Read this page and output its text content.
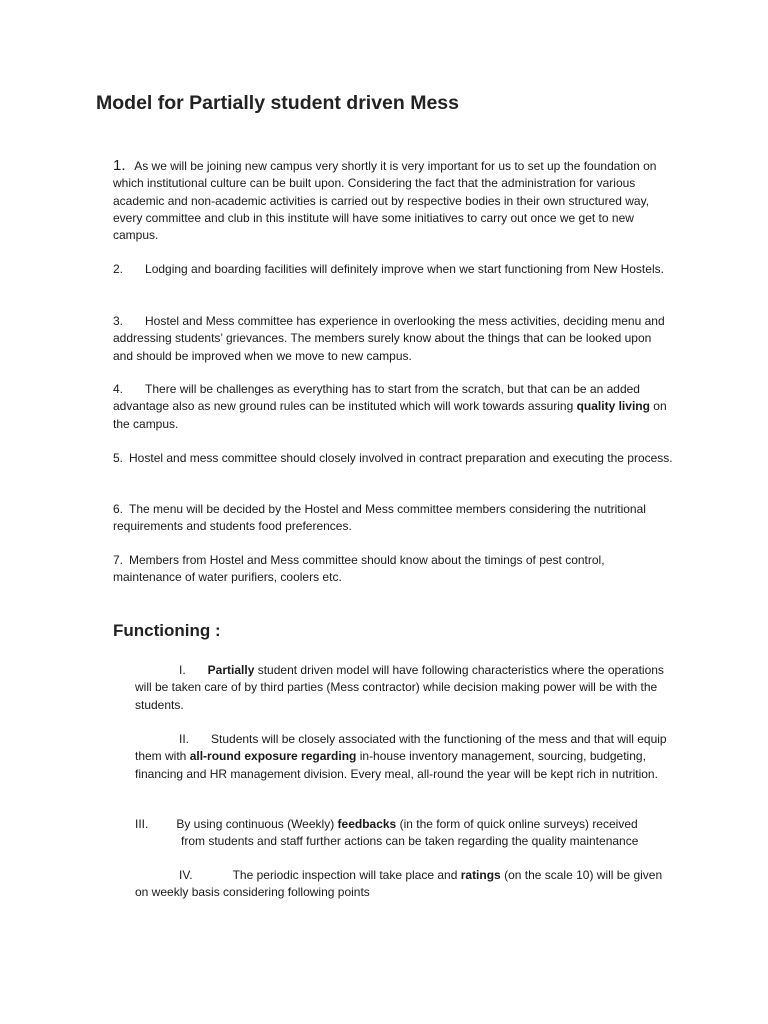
Model for Partially student driven Mess

1. As we will be joining new campus very shortly it is very important for us to set up the foundation on which institutional culture can be built upon. Considering the fact that the administration for various academic and non-academic activities is carried out by respective bodies in their own structured way, every committee and club in this institute will have some initiatives to carry out once we get to new campus.

2. Lodging and boarding facilities will definitely improve when we start functioning from New Hostels.

3. Hostel and Mess committee has experience in overlooking the mess activities, deciding menu and addressing students’ grievances. The members surely know about the things that can be looked upon and should be improved when we move to new campus.

4. There will be challenges as everything has to start from the scratch, but that can be an added advantage also as new ground rules can be instituted which will work towards assuring quality living on the campus.

5. Hostel and mess committee should closely involved in contract preparation and executing the process.

6. The menu will be decided by the Hostel and Mess committee members considering the nutritional requirements and students food preferences.

7. Members from Hostel and Mess committee should know about the timings of pest control, maintenance of water purifiers, coolers etc.

Functioning :

I. Partially student driven model will have following characteristics where the operations will be taken care of by third parties (Mess contractor) while decision making power will be with the students.

II. Students will be closely associated with the functioning of the mess and that will equip them with all-round exposure regarding in-house inventory management, sourcing, budgeting, financing and HR management division. Every meal, all-round the year will be kept rich in nutrition.

III. By using continuous (Weekly) feedbacks (in the form of quick online surveys) received
from students and staff further actions can be taken regarding the quality maintenance

IV.	The periodic inspection will take place and ratings (on the scale 10) will be given on weekly basis considering following points
